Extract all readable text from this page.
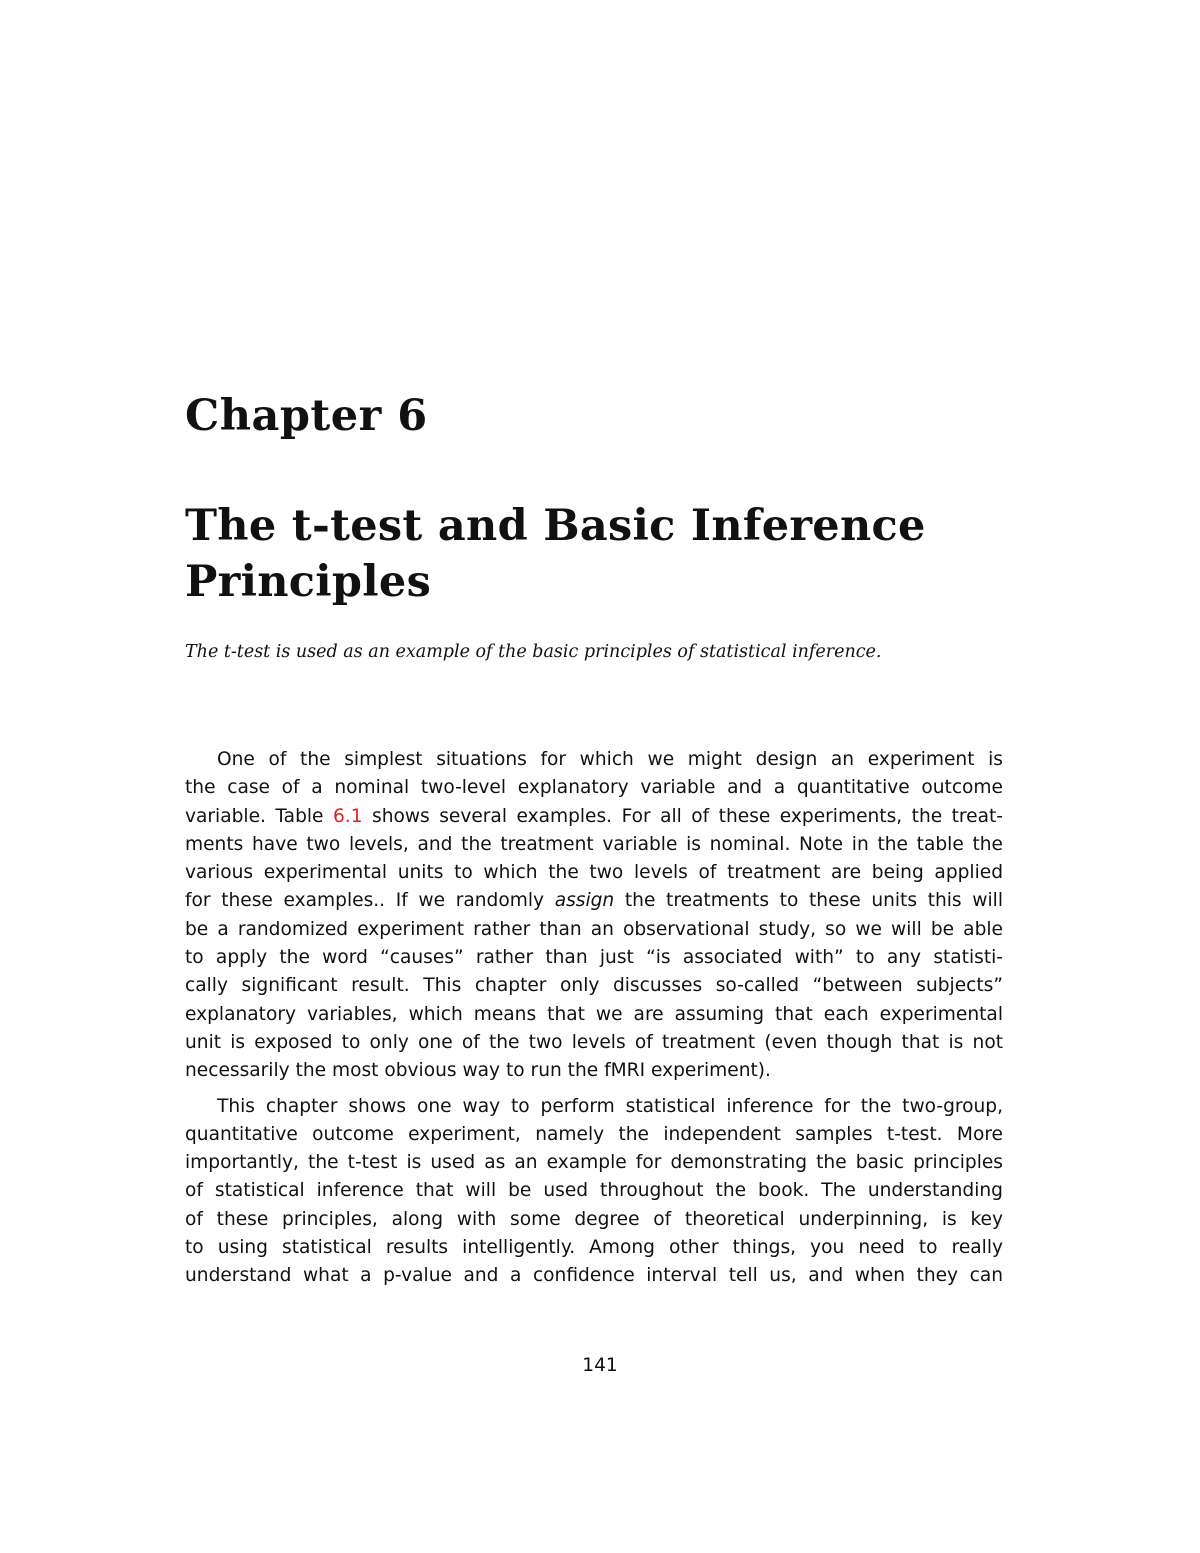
Chapter 6
The t-test and Basic Inference Principles

The t-test is used as an example of the basic principles of statistical inference.

One of the simplest situations for which we might design an experiment is
the case of a nominal two-level explanatory variable and a quantitative outcome
variable. Table 6.1 shows several examples. For all of these experiments, the treat-
ments have two levels, and the treatment variable is nominal. Note in the table the
various experimental units to which the two levels of treatment are being applied
for these examples.. If we randomly assign the treatments to these units this will
be a randomized experiment rather than an observational study, so we will be able
to apply the word “causes” rather than just “is associated with” to any statisti-
cally significant result. This chapter only discusses so-called “between subjects”
explanatory variables, which means that we are assuming that each experimental
unit is exposed to only one of the two levels of treatment (even though that is not
necessarily the most obvious way to run the fMRI experiment).

This chapter shows one way to perform statistical inference for the two-group,
quantitative outcome experiment, namely the independent samples t-test. More
importantly, the t-test is used as an example for demonstrating the basic principles
of statistical inference that will be used throughout the book. The understanding
of these principles, along with some degree of theoretical underpinning, is key
to using statistical results intelligently. Among other things, you need to really
understand what a p-value and a confidence interval tell us, and when they can

141
